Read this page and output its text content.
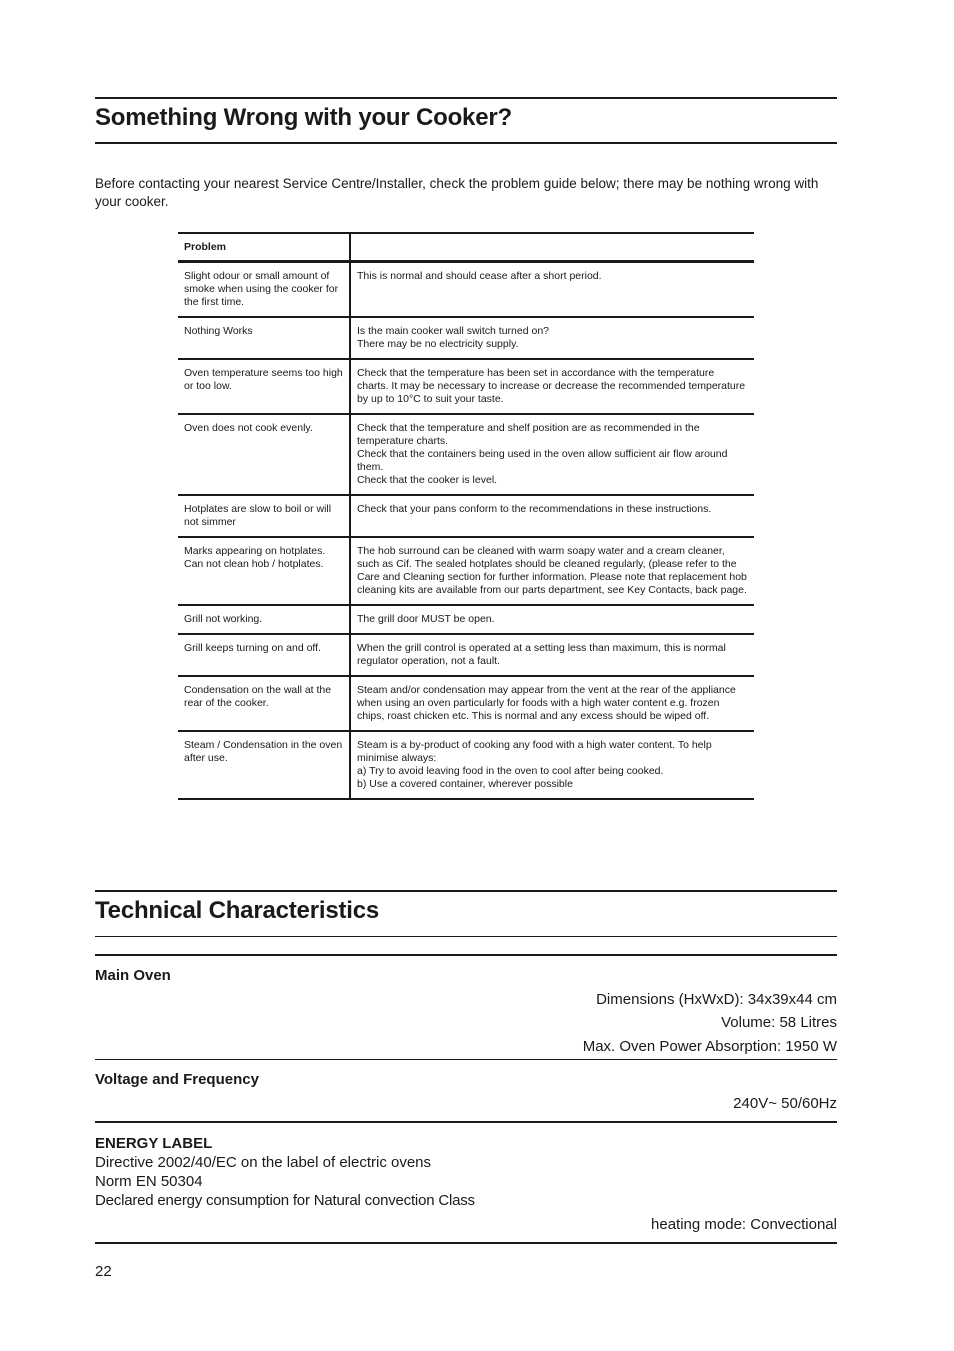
Something Wrong with your Cooker?

Before contacting your nearest Service Centre/Installer, check the problem guide below; there may be nothing wrong with your cooker.

Problem	
Slight odour or small amount of smoke when using the cooker for the first time.	This is normal and should cease after a short period.
Nothing Works	Is the main cooker wall switch turned on?
There may be no electricity supply.
Oven temperature seems too high or too low.	Check that the temperature has been set in accordance with the temperature charts. It may be necessary to increase or decrease the recommended temperature by up to 10°C to suit your taste.
Oven does not cook evenly.	Check that the temperature and shelf position are as recommended in the temperature charts.
Check that the containers being used in the oven allow sufficient air flow around them.
Check that the cooker is level.
Hotplates are slow to boil or will not simmer	Check that your pans conform to the recommendations in these instructions.
Marks appearing on hotplates. Can not clean hob / hotplates.	The hob surround can be cleaned with warm soapy water and a cream cleaner, such as Cif. The sealed hotplates should be cleaned regularly, (please refer to the Care and Cleaning section for further information. Please note that replacement hob cleaning kits are available from our parts department, see Key Contacts, back page.
Grill not working.	The grill door MUST be open.
Grill keeps turning on and off.	When the grill control is operated at a setting less than maximum, this is normal regulator operation, not a fault.
Condensation on the wall at the rear of the cooker.	Steam and/or condensation may appear from the vent at the rear of the appliance when using an oven particularly for foods with a high water content e.g. frozen chips, roast chicken etc. This is normal and any excess should be wiped off.
Steam / Condensation in the oven after use.	Steam is a by-product of cooking any food with a high water content. To help minimise always:
a) Try to avoid leaving food in the oven to cool after being cooked.
b) Use a covered container, wherever possible
Technical Characteristics
Main Oven
Dimensions (HxWxD): 34x39x44 cm
Volume: 58 Litres
Max. Oven Power Absorption: 1950 W
Voltage and Frequency
240V~ 50/60Hz
ENERGY LABEL
Directive 2002/40/EC on the label of electric ovens
Norm EN 50304
Declared energy consumption for Natural convection Class
heating mode: Convectional
22
